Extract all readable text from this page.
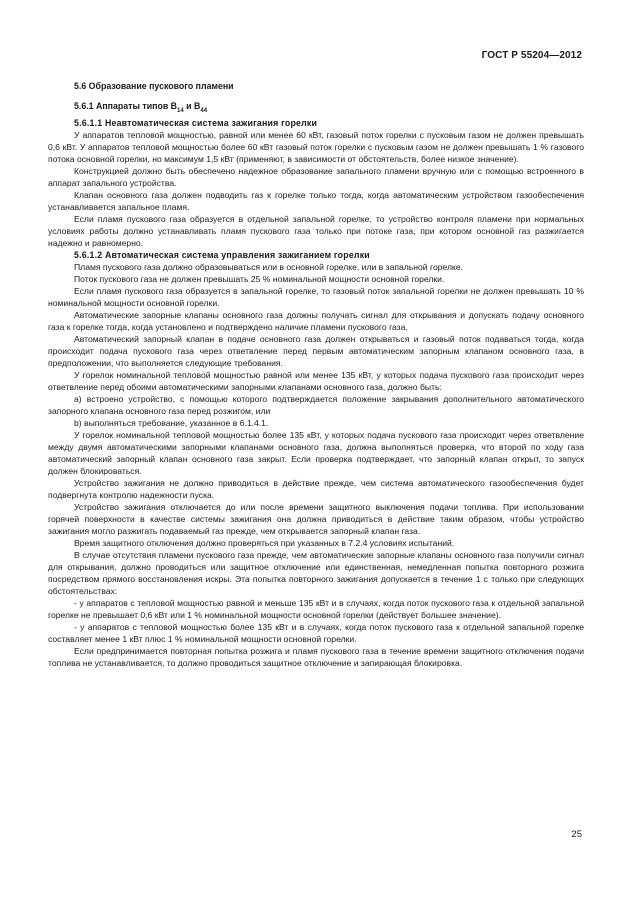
ГОСТ Р 55204—2012

5.6 Образование пускового пламени

5.6.1 Аппараты типов $B_{14}$ и $B_{44}$

5.6.1.1 Неавтоматическая система зажигания горелки

У аппаратов тепловой мощностью, равной или менее 60 кВт, газовый поток горелки с пусковым газом не должен превышать 0,6 кВт. У аппаратов тепловой мощностью более 60 кВт газовый поток горелки с пусковым газом не должен превышать 1 % газового потока основной горелки, но максимум 1,5 кВт (применяют, в зависимости от обстоятельств, более низкое значение).

Конструкцией должно быть обеспечено надежное образование запального пламени вручную или с помощью встроенного в аппарат запального устройства.

Клапан основного газа должен подводить газ к горелке только тогда, когда автоматическим устройством газообеспечения устанавливается запальное пламя.

Если пламя пускового газа образуется в отдельной запальной горелке, то устройство контроля пламени при нормальных условиях работы должно устанавливать пламя пускового газа только при потоке газа, при котором основной газ разжигается надежно и равномерно.

5.6.1.2 Автоматическая система управления зажиганием горелки

Пламя пускового газа должно образовываться или в основной горелке, или в запальной горелке.

Поток пускового газа не должен превышать 25 % номинальной мощности основной горелки.

Если пламя пускового газа образуется в запальной горелке, то газовый поток запальной горелки не должен превышать 10 % номинальной мощности основной горелки.

Автоматические запорные клапаны основного газа должны получать сигнал для открывания и допускать подачу основного газа к горелке тогда, когда установлено и подтверждено наличие пламени пускового газа.

Автоматический запорный клапан в подаче основного газа должен открываться и газовый поток подаваться тогда, когда происходит подача пускового газа через ответвление перед первым автоматическим запорным клапаном основного газа, в предположении, что выполняется следующие требования.

У горелок номинальной тепловой мощностью равной или менее 135 кВт, у которых подача пускового газа происходит через ответвление перед обоими автоматическими запорными клапанами основного газа, должно быть:

a) встроено устройство, с помощью которого подтверждается положение закрывания дополнительного автоматического запорного клапана основного газа перед розжигом, или

b) выполняться требование, указанное в 6.1.4.1.

У горелок номинальной тепловой мощностью более 135 кВт, у которых подача пускового газа происходит через ответвление между двумя автоматическими запорными клапанами основного газа, должна выполняться проверка, что второй по ходу газа автоматический запорный клапан основного газа закрыт. Если проверка подтверждает, что запорный клапан открыт, то запуск должен блокироваться.

Устройство зажигания не должно приводиться в действие прежде, чем система автоматического газообеспечения будет подвергнута контролю надежности пуска.

Устройство зажигания отключается до или после времени защитного выключения подачи топлива. При использовании горячей поверхности в качестве системы зажигания она должна приводиться в действие таким образом, чтобы устройство зажигания могло разжигать подаваемый газ прежде, чем открывается запорный клапан газа.

Время защитного отключения должно проверяться при указанных в 7.2.4 условиях испытаний.

В случае отсутствия пламени пускового газа прежде, чем автоматические запорные клапаны основного газа получили сигнал для открывания, должно проводиться или защитное отключение или единственная, немедленная попытка повторного розжига посредством прямого восстановления искры. Эта попытка повторного зажигания допускается в течение 1 с только при следующих обстоятельствах:

- у аппаратов с тепловой мощностью равной и меньше 135 кВт и в случаях, когда поток пускового газа к отдельной запальной горелке не превышает 0,6 кВт или 1 % номинальной мощности основной горелки (действует большее значение).

- у аппаратов с тепловой мощностью более 135 кВт и в случаях, когда поток пускового газа к отдельной запальной горелке составляет менее 1 кВт плюс 1 % номинальной мощности основной горелки.

Если предпринимается повторная попытка розжига и пламя пускового газа в течение времени защитного отключения подачи топлива не устанавливается, то должно проводиться защитное отключение и запирающая блокировка.

25
